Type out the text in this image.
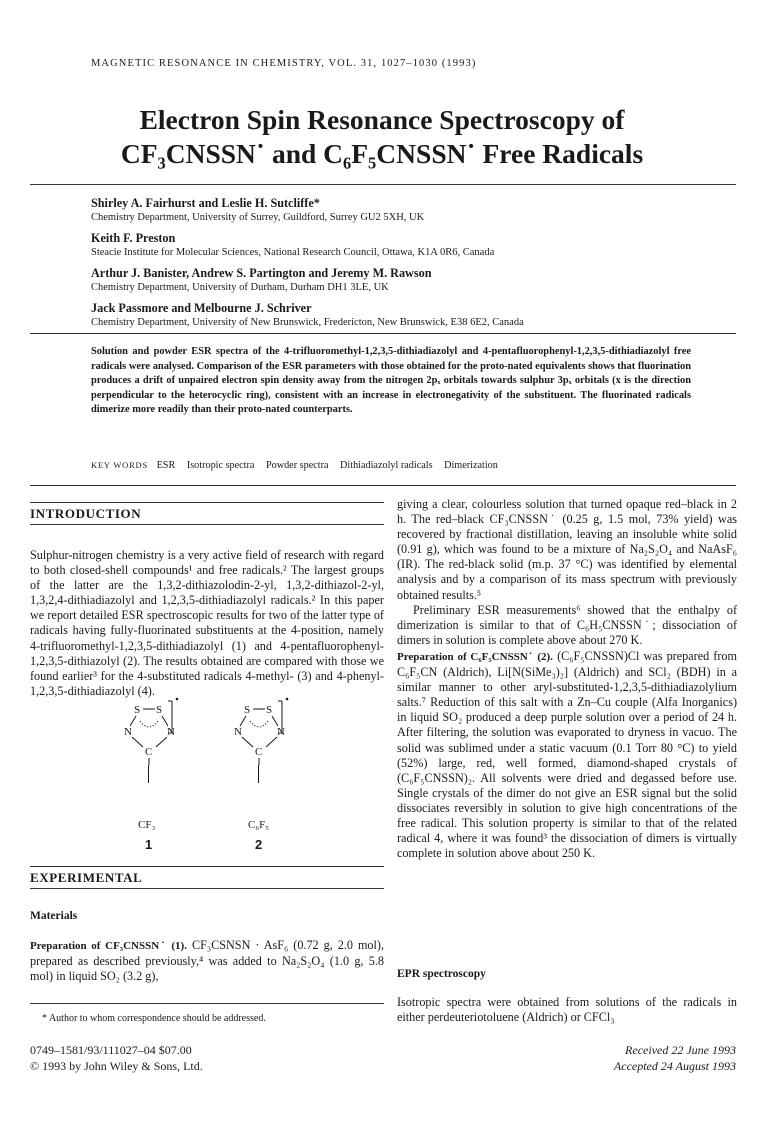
MAGNETIC RESONANCE IN CHEMISTRY, VOL. 31, 1027–1030 (1993)
Electron Spin Resonance Spectroscopy of
CF₃CNSSN˙ and C₆F₅CNSSN˙ Free Radicals
Shirley A. Fairhurst and Leslie H. Sutcliffe*
Chemistry Department, University of Surrey, Guildford, Surrey GU2 5XH, UK
Keith F. Preston
Steacie Institute for Molecular Sciences, National Research Council, Ottawa, K1A 0R6, Canada
Arthur J. Banister, Andrew S. Partington and Jeremy M. Rawson
Chemistry Department, University of Durham, Durham DH1 3LE, UK
Jack Passmore and Melbourne J. Schriver
Chemistry Department, University of New Brunswick, Fredericton, New Brunswick, E38 6E2, Canada
Solution and powder ESR spectra of the 4-trifluoromethyl-1,2,3,5-dithiadiazolyl and 4-pentafluorophenyl-1,2,3,5-dithiadiazolyl free radicals were analysed. Comparison of the ESR parameters with those obtained for the proto-nated equivalents shows that fluorination produces a drift of unpaired electron spin density away from the nitrogen 2pₓ orbitals towards sulphur 3pₓ orbitals (x is the direction perpendicular to the heterocyclic ring), consistent with an increase in electronegativity of the substituent. The fluorinated radicals dimerize more readily than their proto-nated counterparts.
KEY WORDS ESR Isotropic spectra Powder spectra Dithiadiazolyl radicals Dimerization
INTRODUCTION

Sulphur-nitrogen chemistry is a very active field of research with regard to both closed-shell compounds¹ and free radicals.² The largest groups of the latter are the 1,3,2-dithiazolodin-2-yl, 1,3,2-dithiazol-2-yl, 1,3,2,4-dithiadiazolyl and 1,2,3,5-dithiadiazolyl radicals.² In this paper we report detailed ESR spectroscopic results for two of the latter type of radicals having fully-fluorinated substituents at the 4-position, namely 4-trifluoromethyl-1,2,3,5-dithiadiazolyl (1) and 4-pentafluorophenyl-1,2,3,5-dithiazolyl (2). The results obtained are compared with those we found earlier³ for the 4-substituted radicals 4-methyl- (3) and 4-phenyl-1,2,3,5-dithiadiazolyl (4).

S S
N	N
C
CF₃
1
S S
N	N
C
C₆F₅
2
EXPERIMENTAL
Materials

Preparation of CF₃CNSSN˙ (1). CF₃CSNSN · AsF₆ (0.72 g, 2.0 mol), prepared as described previously,⁴ was added to Na₂S₂O₄ (1.0 g, 5.8 mol) in liquid SO₂ (3.2 g),

* Author to whom correspondence should be addressed.

giving a clear, colourless solution that turned opaque red–black in 2 h. The red–black CF₃CNSSN˙ (0.25 g, 1.5 mol, 73% yield) was recovered by fractional distillation, leaving an insoluble white solid (0.91 g), which was found to be a mixture of Na₂S₂O₄ and NaAsF₆ (IR). The red-black solid (m.p. 37 °C) was identified by elemental analysis and by a comparison of its mass spectrum with previously obtained results.⁵

Preliminary ESR measurements⁶ showed that the enthalpy of dimerization is similar to that of C₆H₅CNSSN˙; dissociation of dimers in solution is complete above about 270 K.

Preparation of C₆F₅CNSSN˙ (2). (C₆F₅CNSSN)Cl was prepared from C₆F₅CN (Aldrich), Li[N(SiMe₃)₂] (Aldrich) and SCl₂ (BDH) in a similar manner to other aryl-substituted-1,2,3,5-dithiadiazolylium salts.⁷ Reduction of this salt with a Zn–Cu couple (Alfa Inorganics) in liquid SO₂ produced a deep purple solution over a period of 24 h. After filtering, the solution was evaporated to dryness in vacuo. The solid was sublimed under a static vacuum (0.1 Torr 80 °C) to yield (52%) large, red, well formed, diamond-shaped crystals of (C₆F₅CNSSN)₂. All solvents were dried and degassed before use. Single crystals of the dimer do not give an ESR signal but the solid dissociates reversibly in solution to give high concentrations of the free radical. This solution property is similar to that of the related radical 4, where it was found³ the dissociation of dimers is virtually complete in solution above about 250 K.

EPR spectroscopy
Isotropic spectra were obtained from solutions of the radicals in either perdeuteriotoluene (Aldrich) or CFCl₃
0749–1581/93/111027–04 $07.00
© 1993 by John Wiley & Sons, Ltd.
Received 22 June 1993
Accepted 24 August 1993
